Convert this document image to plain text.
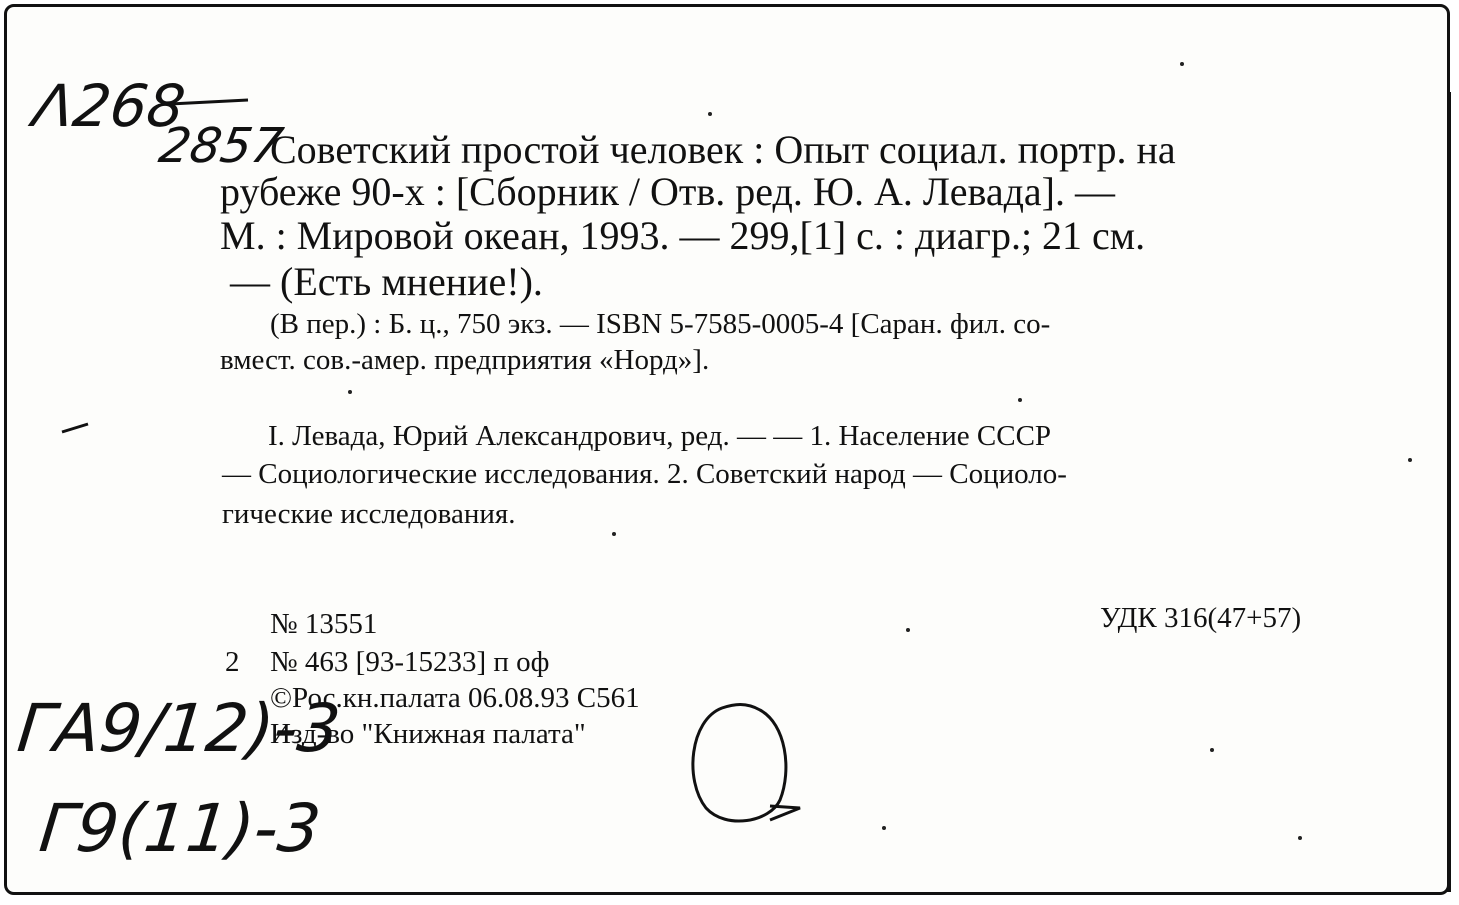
Λ268
2857
ГА9/12)-3
Г9(11)-3

Советский простой человек : Опыт социал. портр. на

рубеже 90-х : [Сборник / Отв. ред. Ю. А. Левада]. —

М. : Мировой океан, 1993. — 299,[1] с. : диагр.; 21 см.

— (Есть мнение!).

(В пер.) : Б. ц., 750 экз. — ISBN 5-7585-0005-4 [Саран. фил. со-

вмест. сов.-амер. предприятия «Норд»].

I. Левада, Юрий Александрович, ред. — — 1. Население СССР

— Социологические исследования. 2. Советский народ — Социоло-

гические исследования.

№ 13551	УДК 316(47+57)

2 № 463 [93-15233] п оф

©Рос.кн.палата 06.08.93 С561

Изд-во "Книжная палата"
